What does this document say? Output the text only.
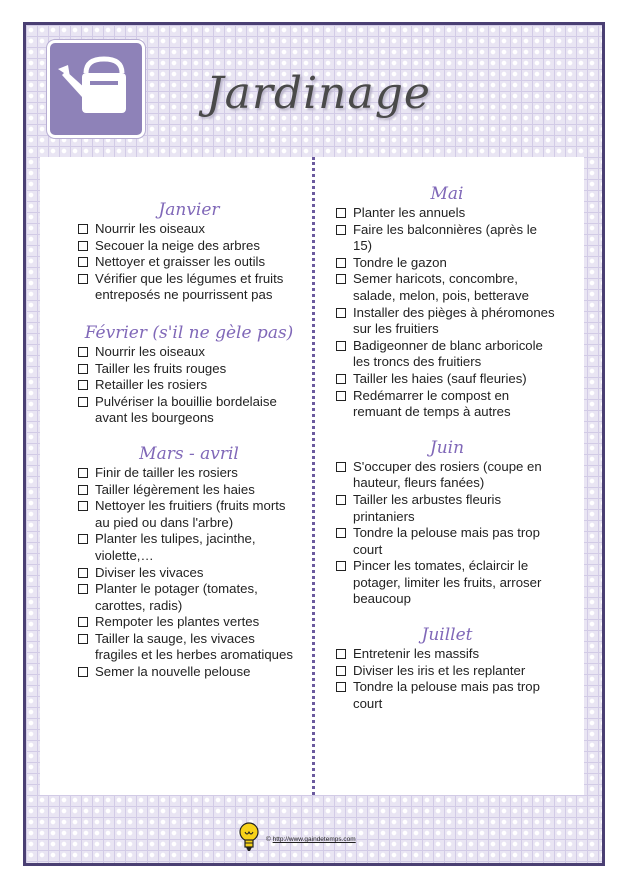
Jardinage
Janvier
Nourrir les oiseaux
Secouer la neige des arbres
Nettoyer et graisser les outils
Vérifier que les légumes et fruits entreposés ne pourrissent pas
Février (s'il ne gèle pas)
Nourrir les oiseaux
Tailler les fruits rouges
Retailler les rosiers
Pulvériser la bouillie bordelaise avant les bourgeons
Mars - avril
Finir de tailler les rosiers
Tailler légèrement les haies
Nettoyer les fruitiers (fruits morts au pied ou dans l'arbre)
Planter les tulipes, jacinthe, violette,…
Diviser les vivaces
Planter le potager (tomates, carottes, radis)
Rempoter les plantes vertes
Tailler la sauge, les vivaces fragiles et les herbes aromatiques
Semer la nouvelle pelouse
Mai
Planter les annuels
Faire les balconnières (après le 15)
Tondre le gazon
Semer haricots, concombre, salade, melon, pois, betterave
Installer des pièges à phéromones sur les fruitiers
Badigeonner de blanc arboricole les troncs des fruitiers
Tailler les haies (sauf fleuries)
Redémarrer le compost en remuant de temps à autres
Juin
S'occuper des rosiers (coupe en hauteur, fleurs fanées)
Tailler les arbustes fleuris printaniers
Tondre la pelouse mais pas trop court
Pincer les tomates, éclaircir le potager, limiter les fruits, arroser beaucoup
Juillet
Entretenir les massifs
Diviser les iris et les replanter
Tondre la pelouse mais pas trop court
© http://www.gaindetemps.com
